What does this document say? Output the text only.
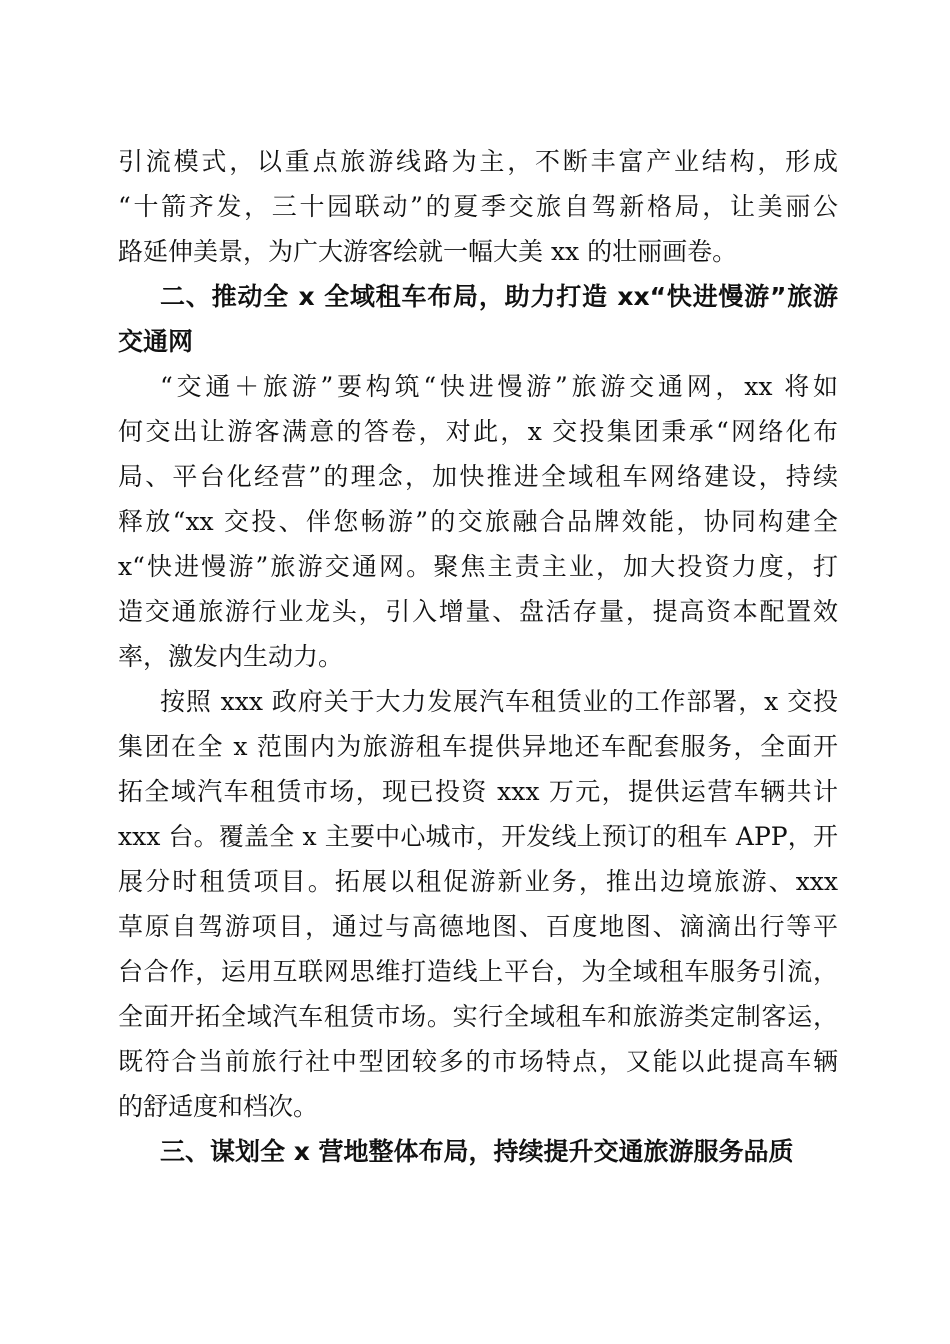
引流模式，以重点旅游线路为主，不断丰富产业结构，形成
“十箭齐发，三十园联动”的夏季交旅自驾新格局，让美丽公
路延伸美景，为广大游客绘就一幅大美 xx 的壮丽画卷。
二、推动全 x 全域租车布局，助力打造 xx“快进慢游”旅游
交通网
“交通＋旅游”要构筑“快进慢游”旅游交通网，xx 将如
何交出让游客满意的答卷，对此，x 交投集团秉承“网络化布
局、平台化经营”的理念，加快推进全域租车网络建设，持续
释放“xx 交投、伴您畅游”的交旅融合品牌效能，协同构建全
x“快进慢游”旅游交通网。聚焦主责主业，加大投资力度，打
造交通旅游行业龙头，引入增量、盘活存量，提高资本配置效
率，激发内生动力。
按照 xxx 政府关于大力发展汽车租赁业的工作部署，x 交投
集团在全 x 范围内为旅游租车提供异地还车配套服务，全面开
拓全域汽车租赁市场，现已投资 xxx 万元，提供运营车辆共计
xxx 台。覆盖全 x 主要中心城市，开发线上预订的租车 APP，开
展分时租赁项目。拓展以租促游新业务，推出边境旅游、xxx
草原自驾游项目，通过与高德地图、百度地图、滴滴出行等平
台合作，运用互联网思维打造线上平台，为全域租车服务引流，
全面开拓全域汽车租赁市场。实行全域租车和旅游类定制客运，
既符合当前旅行社中型团较多的市场特点，又能以此提高车辆
的舒适度和档次。
三、谋划全 x 营地整体布局，持续提升交通旅游服务品质
